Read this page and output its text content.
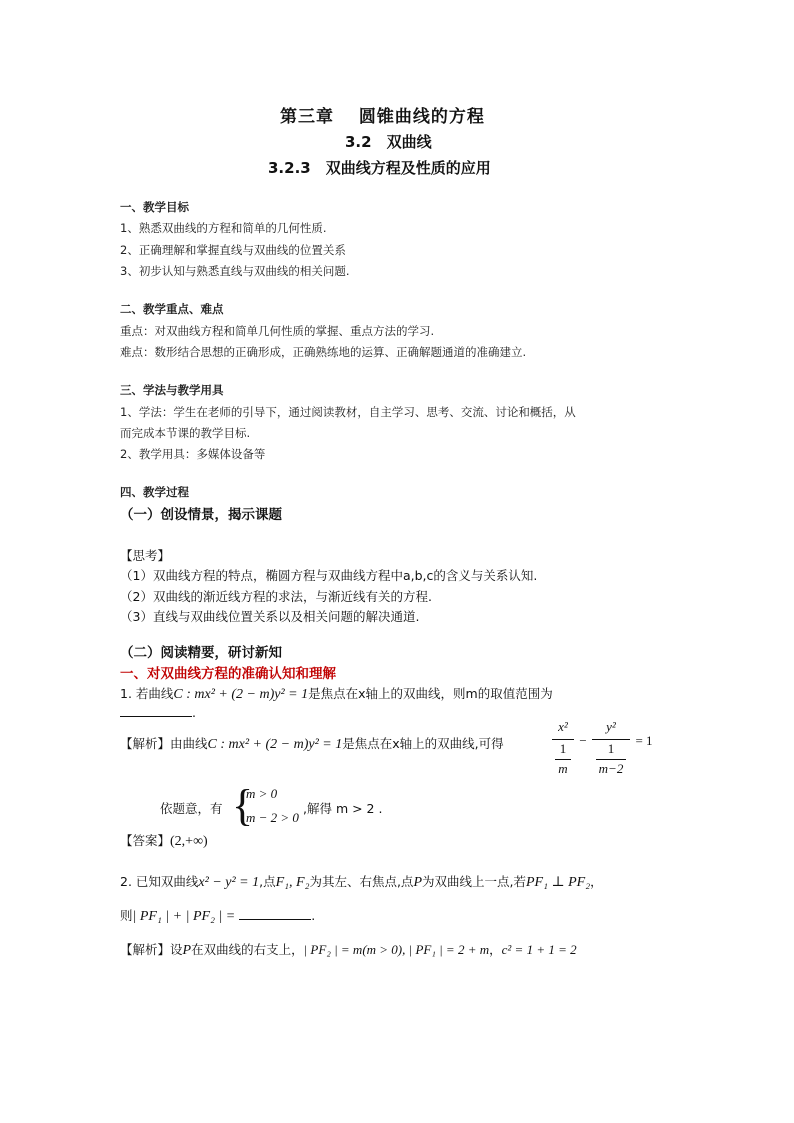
第三章　 圆锥曲线的方程
3.2　双曲线
3.2.3　双曲线方程及性质的应用
一、教学目标
1、熟悉双曲线的方程和简单的几何性质.
2、正确理解和掌握直线与双曲线的位置关系
3、初步认知与熟悉直线与双曲线的相关问题.
二、教学重点、难点
重点：对双曲线方程和简单几何性质的掌握、重点方法的学习.
难点：数形结合思想的正确形成，正确熟练地的运算、正确解题通道的准确建立.
三、学法与教学用具
1、学法：学生在老师的引导下，通过阅读教材，自主学习、思考、交流、讨论和概括，从
而完成本节课的教学目标.
2、教学用具：多媒体设备等
四、教学过程
（一）创设情景，揭示课题
【思考】
（1）双曲线方程的特点，椭圆方程与双曲线方程中a,b,c的含义与关系认知.
（2）双曲线的渐近线方程的求法，与渐近线有关的方程.
（3）直线与双曲线位置关系以及相关问题的解决通道.
（二）阅读精要，研讨新知
一、对双曲线方程的准确认知和理解
1. 若曲线C : mx² + (2 − m)y² = 1是焦点在x轴上的双曲线，则m的取值范围为
.
【解析】由曲线C : mx² + (2 − m)y² = 1是焦点在x轴上的双曲线,可得
x²
1
m
−
y²
1
m−2
= 1
依题意，有 {
m > 0
m − 2 > 0
,解得 m > 2 .
【答案】(2,+∞)
2. 已知双曲线x² − y² = 1,点F₁, F₂为其左、右焦点,点P为双曲线上一点,若PF₁ ⊥ PF₂，
则| PF₁ | + | PF₂ | =	.
【解析】设P在双曲线的右支上，| PF₂ | = m(m > 0), | PF₁ | = 2 + m，c² = 1 + 1 = 2
